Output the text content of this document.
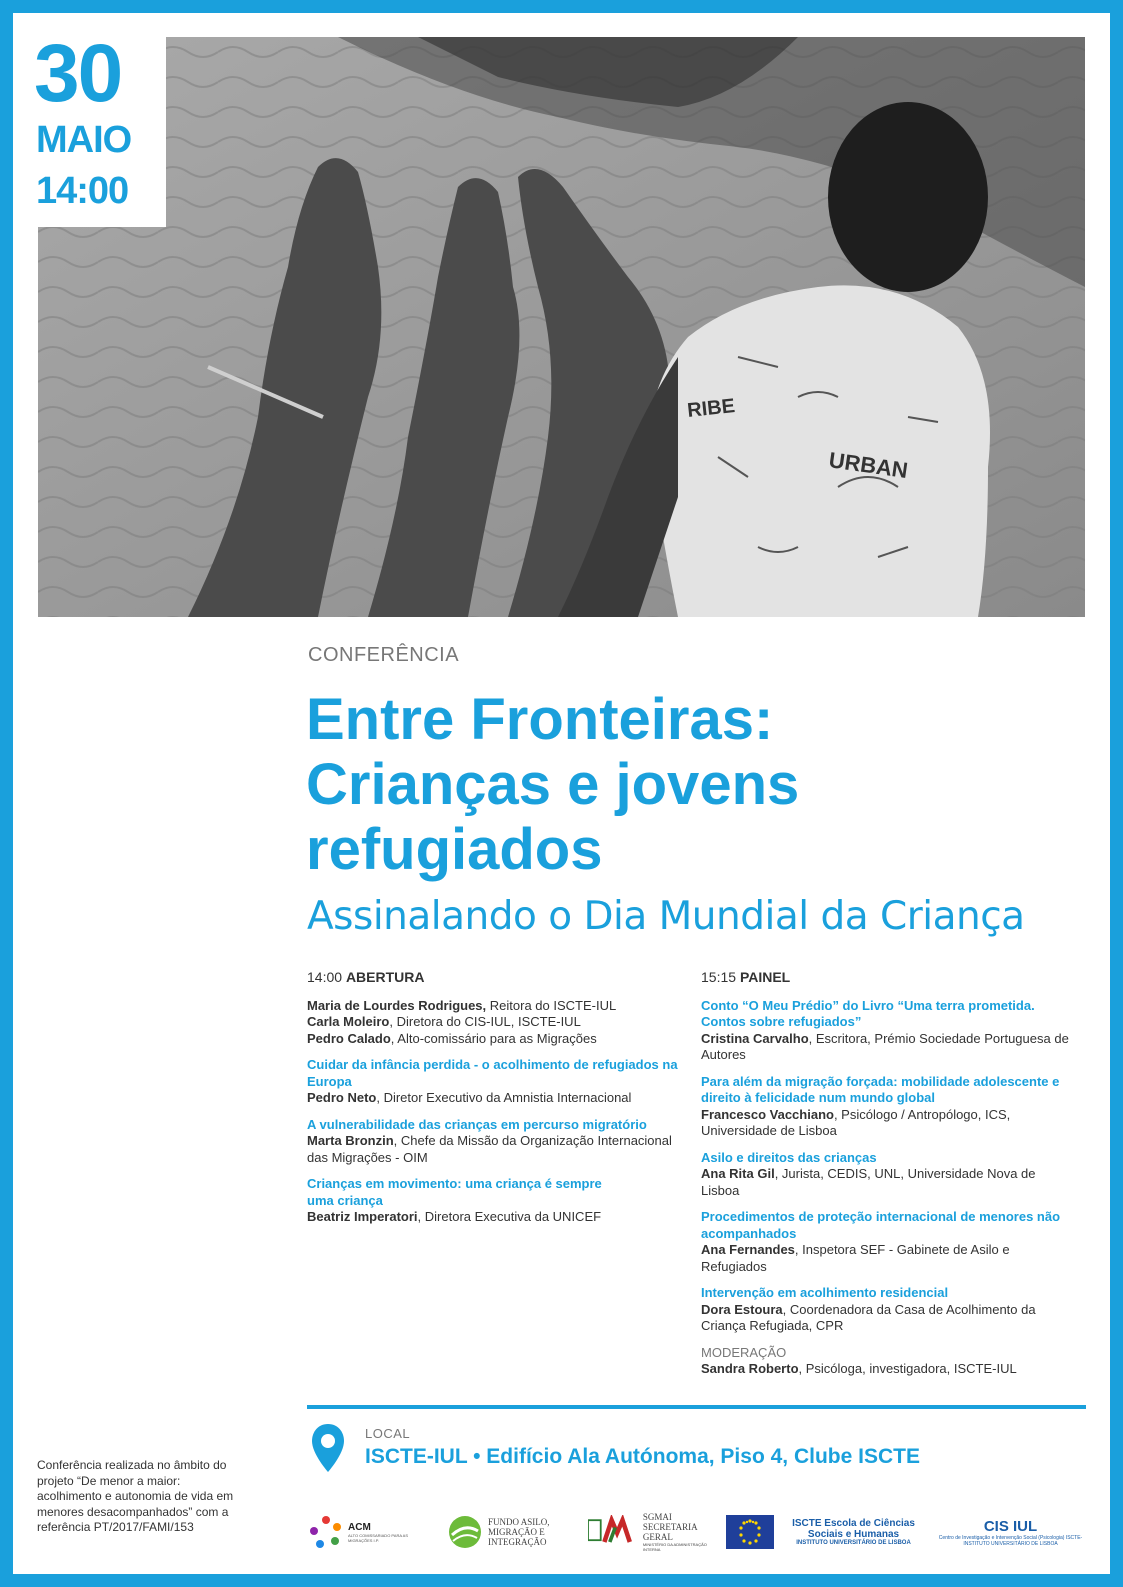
URBAN
RIBE
30
MAIO
14:00
CONFERÊNCIA
Entre Fronteiras:
Crianças e jovens
refugiados
Assinalando o Dia Mundial da Criança
14:00 ABERTURA
Maria de Lourdes Rodrigues, Reitora do ISCTE-IUL
Carla Moleiro, Diretora do CIS-IUL, ISCTE-IUL
Pedro Calado, Alto-comissário para as Migrações
Cuidar da infância perdida - o acolhimento de refugiados na Europa
Pedro Neto, Diretor Executivo da Amnistia Internacional
A vulnerabilidade das crianças em percurso migratório
Marta Bronzin, Chefe da Missão da Organização Internacional das Migrações - OIM
Crianças em movimento: uma criança é sempre uma criança
Beatriz Imperatori, Diretora Executiva da UNICEF
15:15 PAINEL
Conto “O Meu Prédio” do Livro “Uma terra prometida. Contos sobre refugiados”
Cristina Carvalho, Escritora, Prémio Sociedade Portuguesa de Autores
Para além da migração forçada: mobilidade adolescente e direito à felicidade num mundo global
Francesco Vacchiano, Psicólogo / Antropólogo, ICS, Universidade de Lisboa
Asilo e direitos das crianças
Ana Rita Gil, Jurista, CEDIS, UNL, Universidade Nova de Lisboa
Procedimentos de proteção internacional de menores não acompanhados
Ana Fernandes, Inspetora SEF - Gabinete de Asilo e Refugiados
Intervenção em acolhimento residencial
Dora Estoura, Coordenadora da Casa de Acolhimento da Criança Refugiada, CPR
MODERAÇÃO
Sandra Roberto, Psicóloga, investigadora, ISCTE-IUL
LOCAL
ISCTE-IUL • Edifício Ala Autónoma, Piso 4, Clube ISCTE
Conferência realizada no âmbito do projeto “De menor a maior: acolhimento e autonomia de vida em menores desacompanhados” com a referência PT/2017/FAMI/153	ACM
ALTO COMISSARIADO PARA AS MIGRAÇÕES I.P.
FUNDO ASILO, MIGRAÇÃO E INTEGRAÇÃO
SGMAI SECRETARIA GERAL
MINISTÉRIO DA ADMINISTRAÇÃO INTERNA
ISCTE Escola de Ciências Sociais e Humanas
INSTITUTO UNIVERSITÁRIO DE LISBOA
CIS IUL
Centro de Investigação e Intervenção Social (Psicologia) ISCTE-INSTITUTO UNIVERSITÁRIO DE LISBOA
